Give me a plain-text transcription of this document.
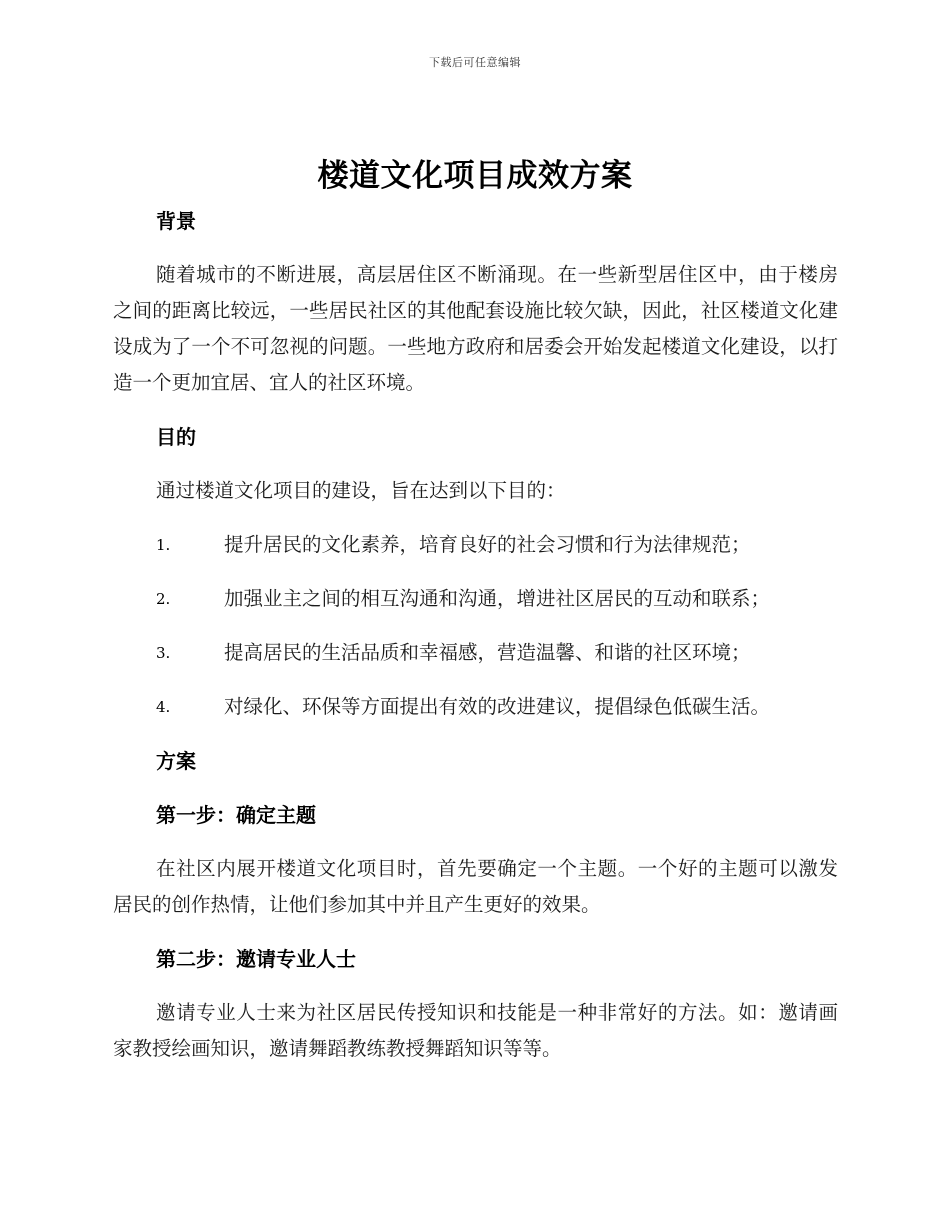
下载后可任意编辑
楼道文化项目成效方案
背景

随着城市的不断进展，高层居住区不断涌现。在一些新型居住区中，由于楼房之间的距离比较远，一些居民社区的其他配套设施比较欠缺，因此，社区楼道文化建设成为了一个不可忽视的问题。一些地方政府和居委会开始发起楼道文化建设，以打造一个更加宜居、宜人的社区环境。

目的

通过楼道文化项目的建设，旨在达到以下目的：

1.	提升居民的文化素养，培育良好的社会习惯和行为法律规范；
2.	加强业主之间的相互沟通和沟通，增进社区居民的互动和联系；
3.	提高居民的生活品质和幸福感，营造温馨、和谐的社区环境；
4.	对绿化、环保等方面提出有效的改进建议，提倡绿色低碳生活。
方案
第一步：确定主题

在社区内展开楼道文化项目时，首先要确定一个主题。一个好的主题可以激发居民的创作热情，让他们参加其中并且产生更好的效果。

第二步：邀请专业人士

邀请专业人士来为社区居民传授知识和技能是一种非常好的方法。如：邀请画家教授绘画知识，邀请舞蹈教练教授舞蹈知识等等。
